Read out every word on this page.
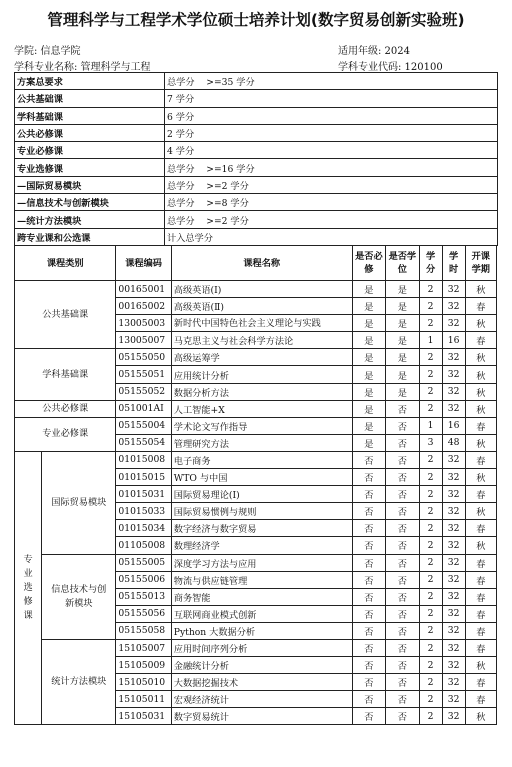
管理科学与工程学术学位硕士培养计划(数字贸易创新实验班)
学院: 信息学院	适用年级: 2024
学科专业名称: 管理科学与工程	学科专业代码: 120100
方案总要求	总学分    >=35 学分
公共基础课	7 学分
学科基础课	6 学分
公共必修课	2 学分
专业必修课	4 学分
专业选修课	总学分    >=16 学分
—国际贸易模块	总学分    >=2 学分
—信息技术与创新模块	总学分    >=8 学分
—统计方法模块	总学分    >=2 学分
跨专业课和公选课	计入总学分
课程类别		课程编码	课程名称	是否必修	是否学位	学分	学时	开课学期
公共基础课		00165001	高级英语(Ⅰ)	是	是	2	32	秋
		00165002	高级英语(Ⅱ)	是	是	2	32	春
		13005003	新时代中国特色社会主义理论与实践	是	是	2	32	秋
		13005007	马克思主义与社会科学方法论	是	是	1	16	春
学科基础课		05155050	高级运筹学	是	是	2	32	秋
		05155051	应用统计分析	是	是	2	32	秋
		05155052	数据分析方法	是	是	2	32	秋
公共必修课		051001AI	人工智能+X	是	否	2	32	秋
专业必修课		05155004	学术论文写作指导	是	否	1	16	春
		05155054	管理研究方法	是	否	3	48	秋
专业选修课	国际贸易模块	01015008	电子商务	否	否	2	32	春
		01015015	WTO 与中国	否	否	2	32	秋
		01015031	国际贸易理论(Ⅰ)	否	否	2	32	春
		01015033	国际贸易惯例与规则	否	否	2	32	秋
		01015034	数字经济与数字贸易	否	否	2	32	春
		01105008	数理经济学	否	否	2	32	秋
	信息技术与创新模块	05155005	深度学习方法与应用	否	否	2	32	春
		05155006	物流与供应链管理	否	否	2	32	春
		05155013	商务智能	否	否	2	32	春
		05155056	互联网商业模式创新	否	否	2	32	春
		05155058	Python 大数据分析	否	否	2	32	春
	统计方法模块	15105007	应用时间序列分析	否	否	2	32	春
		15105009	金融统计分析	否	否	2	32	秋
		15105010	大数据挖掘技术	否	否	2	32	春
		15105011	宏观经济统计	否	否	2	32	春
		15105031	数字贸易统计	否	否	2	32	秋
